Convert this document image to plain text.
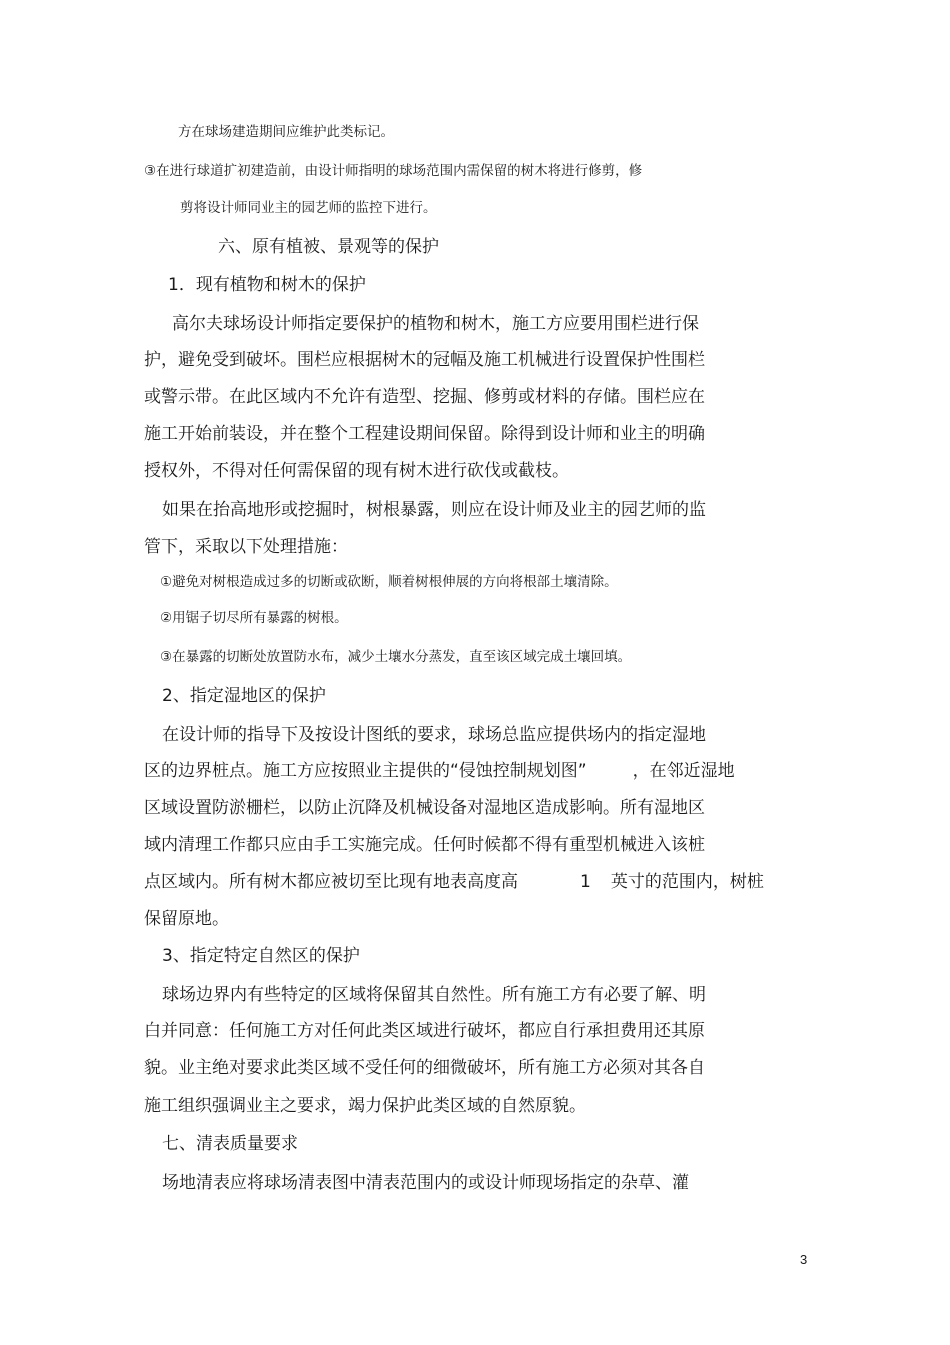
方在球场建造期间应维护此类标记。
③在进行球道扩初建造前，由设计师指明的球场范围内需保留的树木将进行修剪，修
剪将设计师同业主的园艺师的监控下进行。
六、原有植被、景观等的保护
1．现有植物和树木的保护
高尔夫球场设计师指定要保护的植物和树木，施工方应要用围栏进行保
护，避免受到破坏。围栏应根据树木的冠幅及施工机械进行设置保护性围栏
或警示带。在此区域内不允许有造型、挖掘、修剪或材料的存储。围栏应在
施工开始前装设，并在整个工程建设期间保留。除得到设计师和业主的明确
授权外，不得对任何需保留的现有树木进行砍伐或截枝。
如果在抬高地形或挖掘时，树根暴露，则应在设计师及业主的园艺师的监
管下，采取以下处理措施：
①避免对树根造成过多的切断或砍断，顺着树根伸展的方向将根部土壤清除。
②用锯子切尽所有暴露的树根。
③在暴露的切断处放置防水布，减少土壤水分蒸发，直至该区域完成土壤回填。
2、指定湿地区的保护
在设计师的指导下及按设计图纸的要求，球场总监应提供场内的指定湿地
区的边界桩点。施工方应按照业主提供的“侵蚀控制规划图”	，在邻近湿地
区域设置防淤栅栏，以防止沉降及机械设备对湿地区造成影响。所有湿地区
域内清理工作都只应由手工实施完成。任何时候都不得有重型机械进入该桩
点区域内。所有树木都应被切至比现有地表高度高	1 英寸的范围内，树桩
保留原地。
3、指定特定自然区的保护
球场边界内有些特定的区域将保留其自然性。所有施工方有必要了解、明
白并同意：任何施工方对任何此类区域进行破坏，都应自行承担费用还其原
貌。业主绝对要求此类区域不受任何的细微破坏，所有施工方必须对其各自
施工组织强调业主之要求，竭力保护此类区域的自然原貌。
七、清表质量要求
场地清表应将球场清表图中清表范围内的或设计师现场指定的杂草、灌
3
